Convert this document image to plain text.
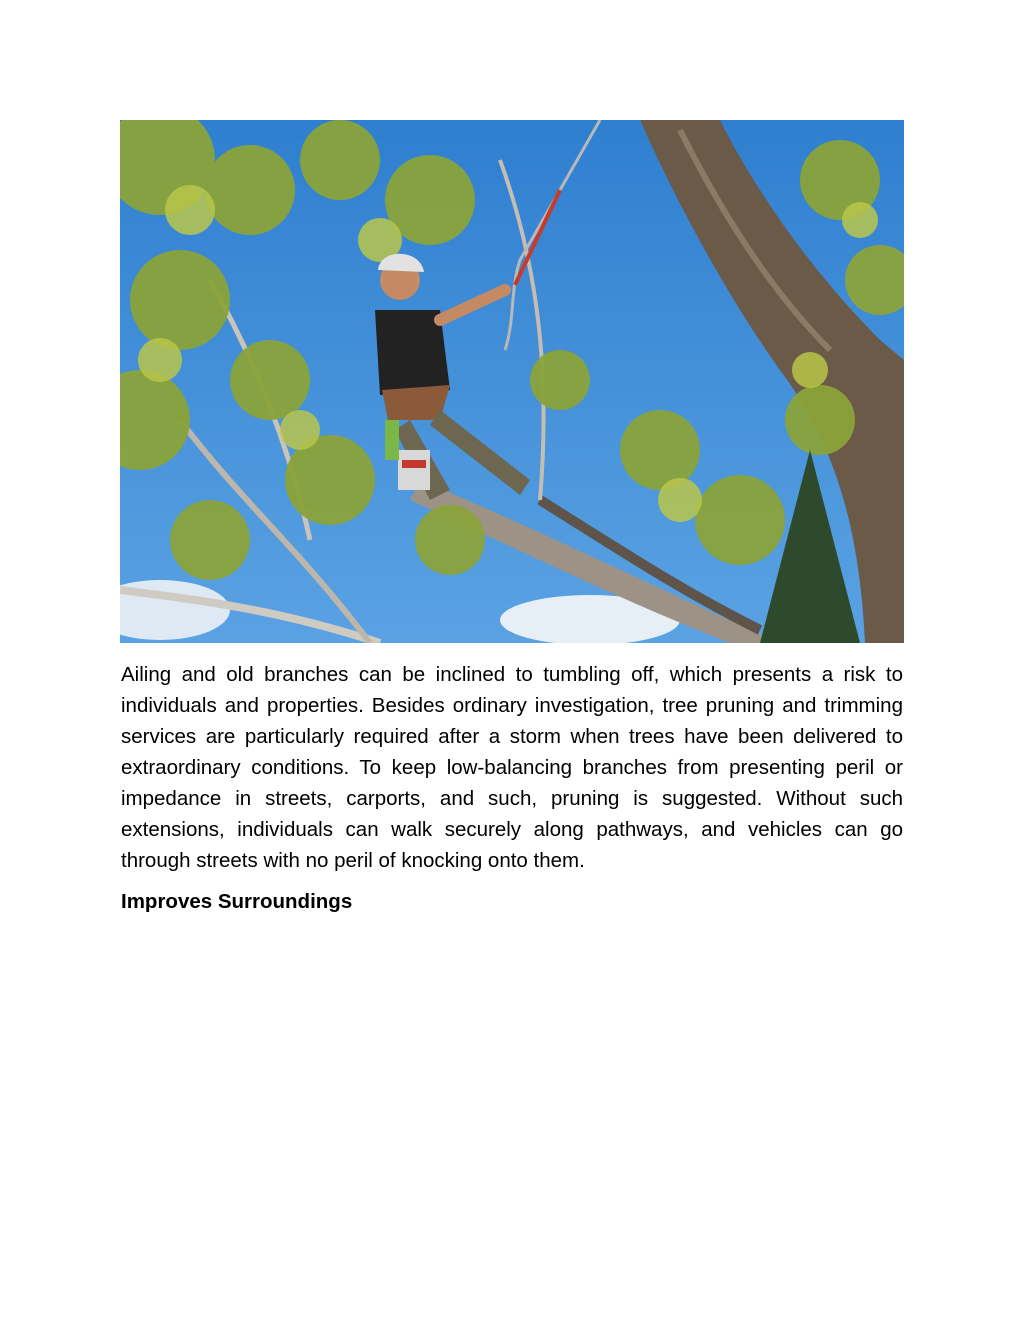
Ailing and old branches can be inclined to tumbling off, which presents a risk to individuals and properties. Besides ordinary investigation, tree pruning and trimming services are particularly required after a storm when trees have been delivered to extraordinary conditions. To keep low-balancing branches from presenting peril or impedance in streets, carports, and such, pruning is suggested. Without such extensions, individuals can walk securely along pathways, and vehicles can go through streets with no peril of knocking onto them.

Improves Surroundings
